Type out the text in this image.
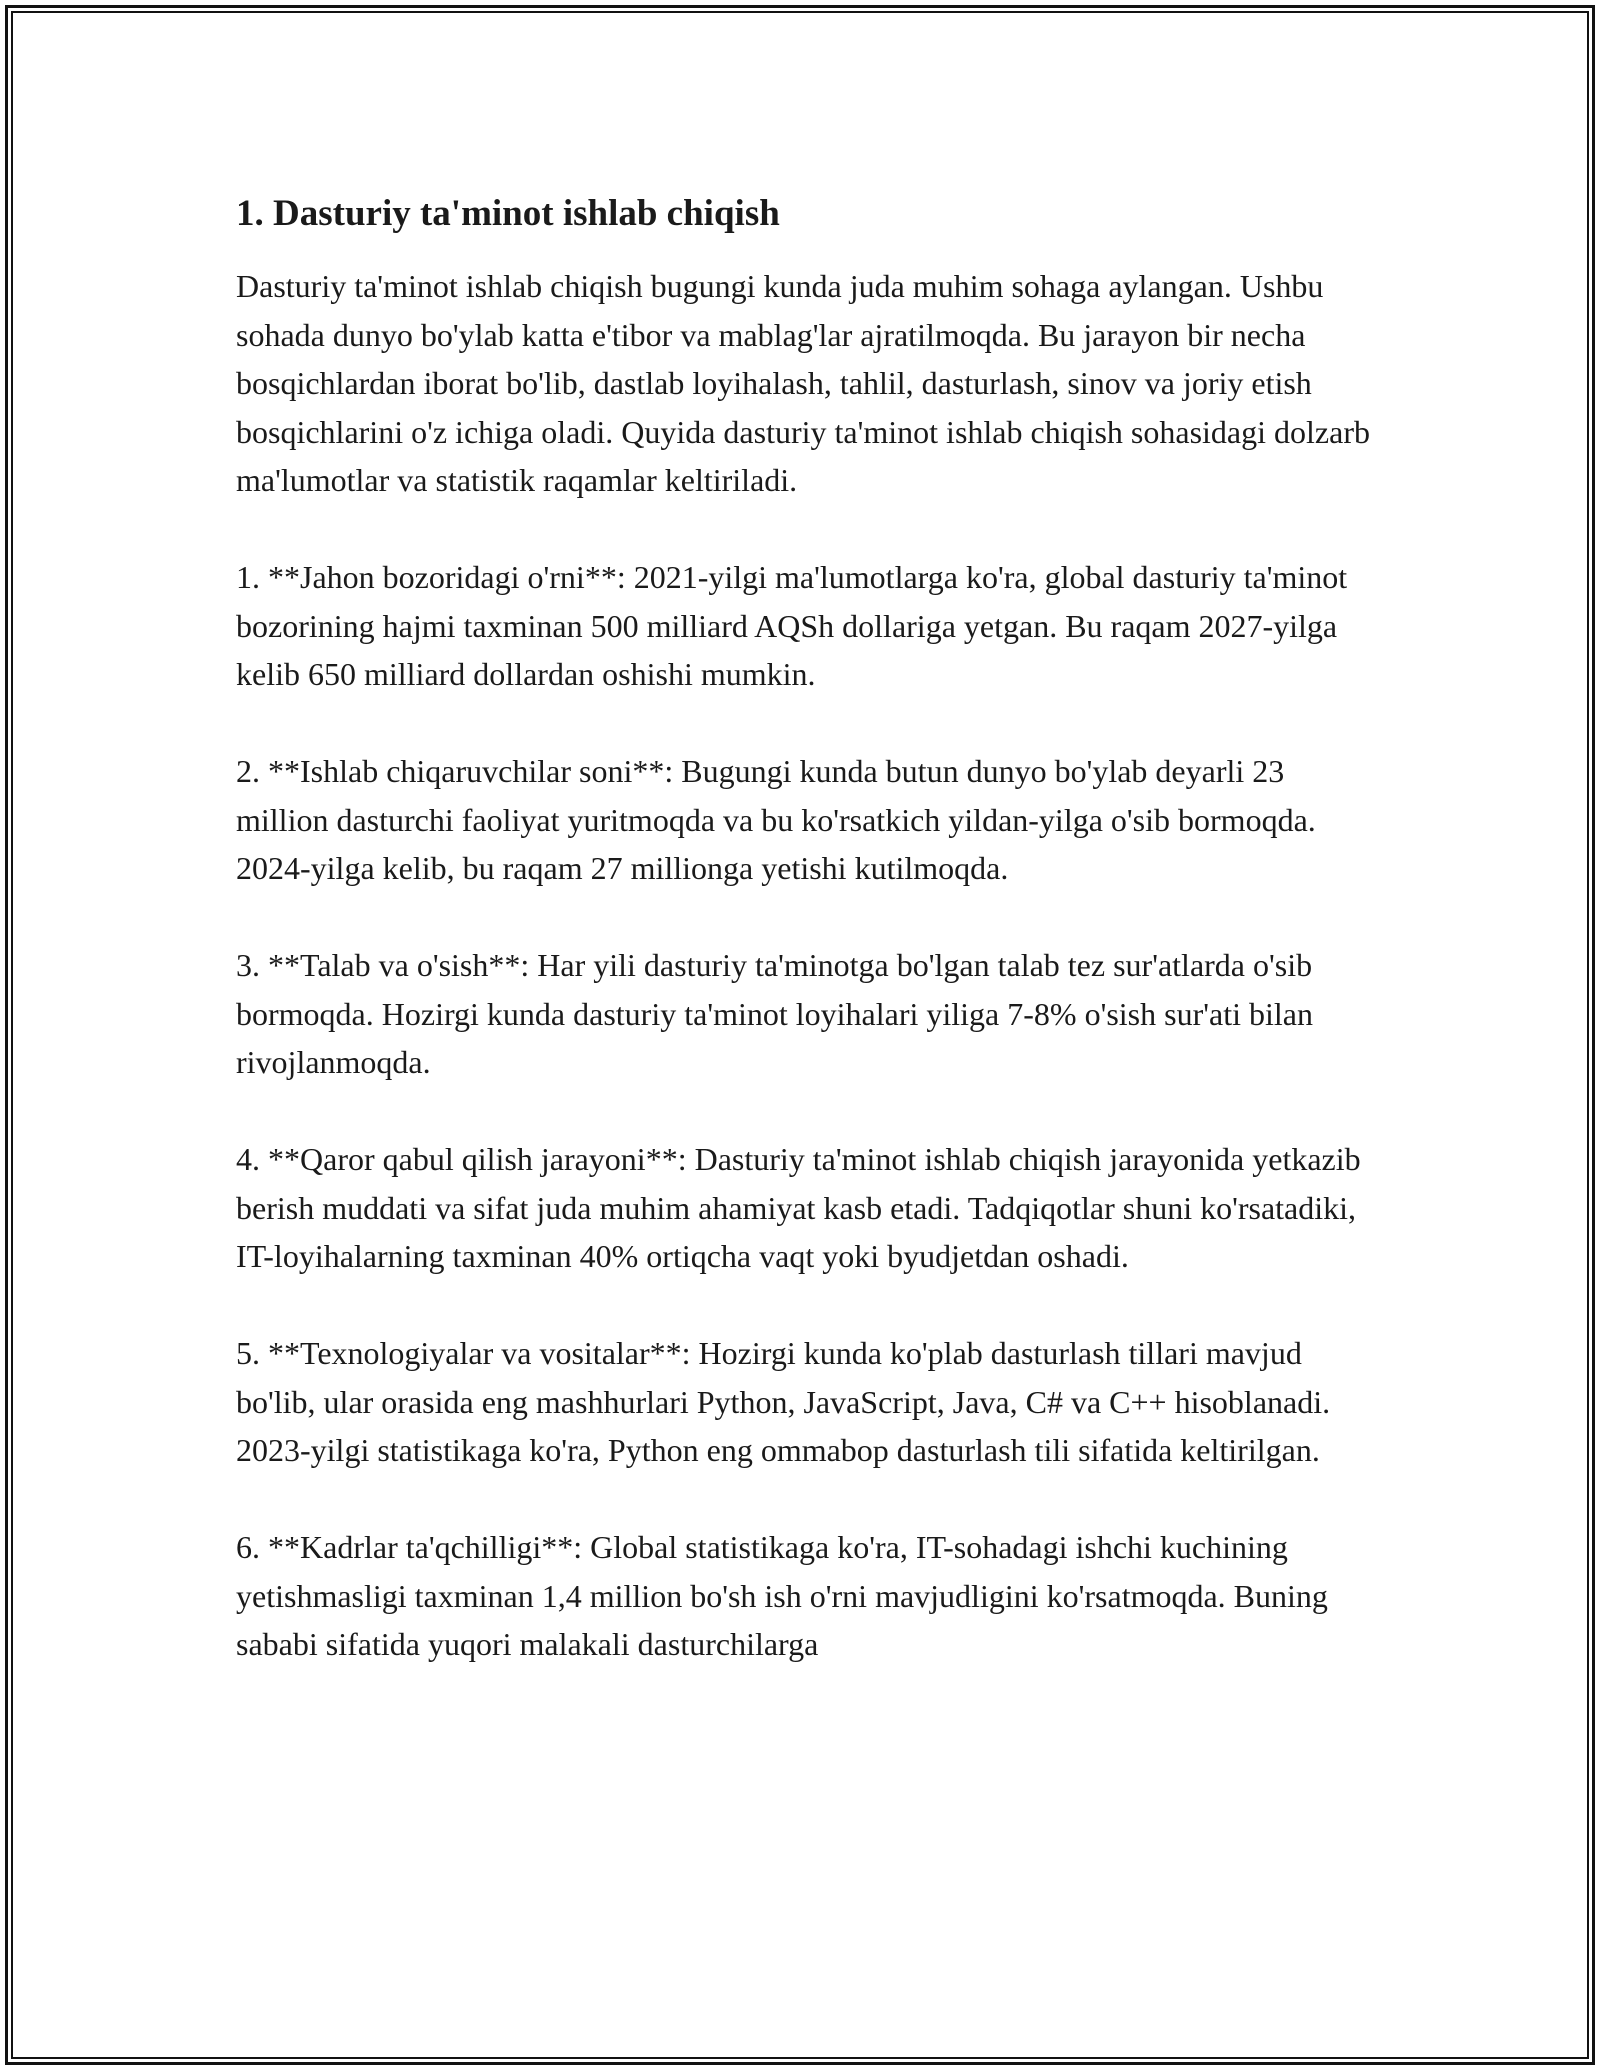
1. Dasturiy ta'minot ishlab chiqish

Dasturiy ta'minot ishlab chiqish bugungi kunda juda muhim sohaga aylangan. Ushbu sohada dunyo bo'ylab katta e'tibor va mablag'lar ajratilmoqda. Bu jarayon bir necha bosqichlardan iborat bo'lib, dastlab loyihalash, tahlil, dasturlash, sinov va joriy etish bosqichlarini o'z ichiga oladi. Quyida dasturiy ta'minot ishlab chiqish sohasidagi dolzarb ma'lumotlar va statistik raqamlar keltiriladi.

1. **Jahon bozoridagi o'rni**: 2021-yilgi ma'lumotlarga ko'ra, global dasturiy ta'minot bozorining hajmi taxminan 500 milliard AQSh dollariga yetgan. Bu raqam 2027-yilga kelib 650 milliard dollardan oshishi mumkin.

2. **Ishlab chiqaruvchilar soni**: Bugungi kunda butun dunyo bo'ylab deyarli 23 million dasturchi faoliyat yuritmoqda va bu ko'rsatkich yildan-yilga o'sib bormoqda. 2024-yilga kelib, bu raqam 27 millionga yetishi kutilmoqda.

3. **Talab va o'sish**: Har yili dasturiy ta'minotga bo'lgan talab tez sur'atlarda o'sib bormoqda. Hozirgi kunda dasturiy ta'minot loyihalari yiliga 7-8% o'sish sur'ati bilan rivojlanmoqda.

4. **Qaror qabul qilish jarayoni**: Dasturiy ta'minot ishlab chiqish jarayonida yetkazib berish muddati va sifat juda muhim ahamiyat kasb etadi. Tadqiqotlar shuni ko'rsatadiki, IT-loyihalarning taxminan 40% ortiqcha vaqt yoki byudjetdan oshadi.

5. **Texnologiyalar va vositalar**: Hozirgi kunda ko'plab dasturlash tillari mavjud bo'lib, ular orasida eng mashhurlari Python, JavaScript, Java, C# va C++ hisoblanadi. 2023-yilgi statistikaga ko'ra, Python eng ommabop dasturlash tili sifatida keltirilgan.

6. **Kadrlar ta'qchilligi**: Global statistikaga ko'ra, IT-sohadagi ishchi kuchining yetishmasligi taxminan 1,4 million bo'sh ish o'rni mavjudligini ko'rsatmoqda. Buning sababi sifatida yuqori malakali dasturchilarga
